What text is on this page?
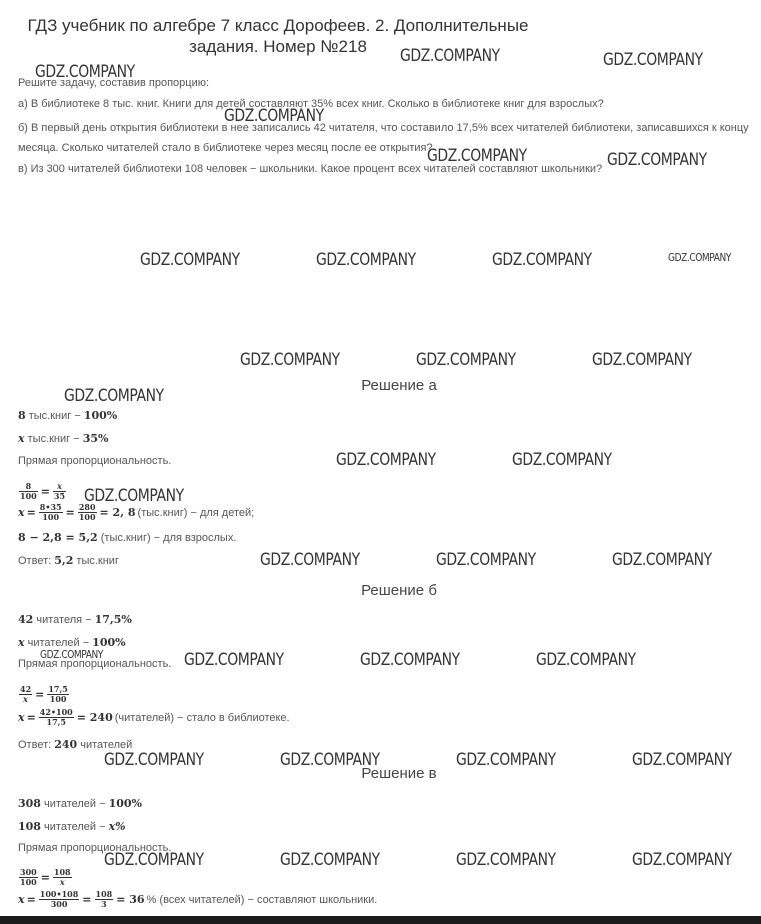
ГДЗ учебник по алгебре 7 класс Дорофеев. 2. Дополнительные
задания. Номер №218
Решите задачу, составив пропорцию:
а) В библиотеке 8 тыс. книг. Книги для детей составляют 35% всех книг. Сколько в библиотеке книг для взрослых?
б) В первый день открытия библиотеки в нее записались 42 читателя, что составило 17,5% всех читателей библиотеки, записавшихся к концу
месяца. Сколько читателей стало в библиотеке через месяц после ее открытия?
в) Из 300 читателей библиотеки 108 человек − школьники. Какое процент всех читателей составляют школьники?
Решение а
8 тыс.книг − 100%
x тыс.книг − 35%
Прямая пропорциональность.
$\frac{8}{100} = \frac{x}{35}$
$x = \frac{8•35}{100} = \frac{280}{100} = 2$, 8 (тыс.книг) − для детей;
8 − 2,8 = 5,2 (тыс.книг) − для взрослых.
Ответ: 5,2 тыс.книг
Решение б
42 читателя − 17,5%
x читателей − 100%
Прямая пропорциональность.
$\frac{42}{x} = \frac{17,5}{100}$
$x = \frac{42•100}{17,5} = 240$ (читателей) − стало в библиотеке.
Ответ: 240 читателей
Решение в
308 читателей − 100%
108 читателей − x%
Прямая пропорциональность.
$\frac{300}{100} = \frac{108}{x}$
$x = \frac{100•108}{300} = \frac{108}{3} = 36$ % (всех читателей) − составляют школьники.
GDZ.COMPANY	GDZ.COMPANY
GDZ.COMPANY
GDZ.COMPANY
GDZ.COMPANY	GDZ.COMPANY
GDZ.COMPANY	GDZ.COMPANY	GDZ.COMPANY	GDZ.COMPANY
GDZ.COMPANY	GDZ.COMPANY	GDZ.COMPANY
GDZ.COMPANY
GDZ.COMPANY	GDZ.COMPANY
GDZ.COMPANY
GDZ.COMPANY	GDZ.COMPANY	GDZ.COMPANY
GDZ.COMPANY	GDZ.COMPANY	GDZ.COMPANY	GDZ.COMPANY
GDZ.COMPANY	GDZ.COMPANY	GDZ.COMPANY	GDZ.COMPANY
GDZ.COMPANY	GDZ.COMPANY	GDZ.COMPANY	GDZ.COMPANY
